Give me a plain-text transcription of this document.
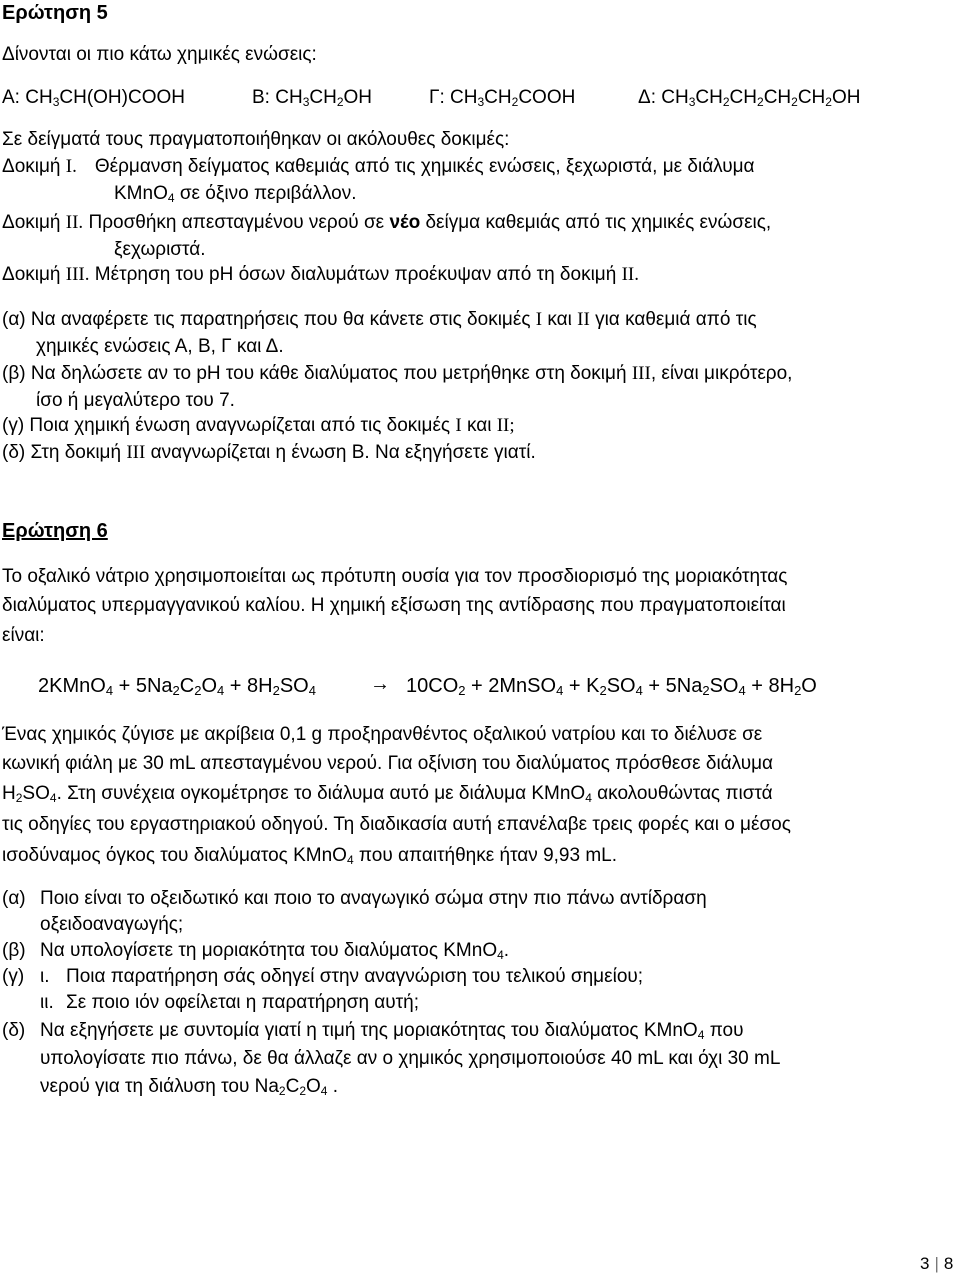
Ερώτηση 5
Δίνονται οι πιο κάτω χημικές ενώσεις:
Α: $CH_3CH(OH)COOH$	Β: $CH_3CH_2OH$	Γ: $CH_3CH_2COOH$	Δ: $CH_3CH_2CH_2CH_2CH_2OH$
Σε δείγματά τους πραγματοποιήθηκαν οι ακόλουθες δοκιμές:
Δοκιμή Ι. Θέρμανση δείγματος καθεμιάς από τις χημικές ενώσεις, ξεχωριστά, με διάλυμα
KMnO$_4$ σε όξινο περιβάλλον.
Δοκιμή ΙΙ. Προσθήκη απεσταγμένου νερού σε νέο δείγμα καθεμιάς από τις χημικές ενώσεις,
ξεχωριστά.
Δοκιμή ΙΙΙ. Μέτρηση του pH όσων διαλυμάτων προέκυψαν από τη δοκιμή ΙΙ.
(α) Να αναφέρετε τις παρατηρήσεις που θα κάνετε στις δοκιμές Ι και ΙΙ για καθεμιά από τις
χημικές ενώσεις Α, Β, Γ και Δ.
(β) Να δηλώσετε αν το pH του κάθε διαλύματος που μετρήθηκε στη δοκιμή ΙΙΙ, είναι μικρότερο,
ίσο ή μεγαλύτερο του 7.
(γ) Ποια χημική ένωση αναγνωρίζεται από τις δοκιμές Ι και ΙΙ;
(δ) Στη δοκιμή ΙΙΙ αναγνωρίζεται η ένωση Β. Να εξηγήσετε γιατί.
Ερώτηση 6
Το οξαλικό νάτριο χρησιμοποιείται ως πρότυπη ουσία για τον προσδιορισμό της μοριακότητας
διαλύματος υπερμαγγανικού καλίου. Η χημική εξίσωση της αντίδρασης που πραγματοποιείται
είναι:
2KMnO$_4$ + $5Na_2C_2O_4 + 8H_2SO_4$	→ $10CO_2$ + 2MnSO$_4$ + $K_2SO_4 + 5Na_2SO_4 + 8H_2O$
Ένας χημικός ζύγισε με ακρίβεια 0,1 g προξηρανθέντος οξαλικού νατρίου και το διέλυσε σε
κωνική φιάλη με 30 mL απεσταγμένου νερού. Για οξίνιση του διαλύματος πρόσθεσε διάλυμα
$H_2SO_4$. Στη συνέχεια ογκομέτρησε το διάλυμα αυτό με διάλυμα KMnO$_4$ ακολουθώντας πιστά
τις οδηγίες του εργαστηριακού οδηγού. Τη διαδικασία αυτή επανέλαβε τρεις φορές και ο μέσος
ισοδύναμος όγκος του διαλύματος KMnO$_4$ που απαιτήθηκε ήταν 9,93 mL.
(α) Ποιο είναι το οξειδωτικό και ποιο το αναγωγικό σώμα στην πιο πάνω αντίδραση
οξειδοαναγωγής;
(β) Να υπολογίσετε τη μοριακότητα του διαλύματος KMnO$_4$.
(γ) ι. Ποια παρατήρηση σάς οδηγεί στην αναγνώριση του τελικού σημείου;
ιι. Σε ποιο ιόν οφείλεται η παρατήρηση αυτή;
(δ) Να εξηγήσετε με συντομία γιατί η τιμή της μοριακότητας του διαλύματος KMnO$_4$ που
υπολογίσατε πιο πάνω, δε θα άλλαζε αν ο χημικός χρησιμοποιούσε 40 mL και όχι 30 mL
νερού για τη διάλυση του $Na_2C_2O_4$ .
3 | 8
